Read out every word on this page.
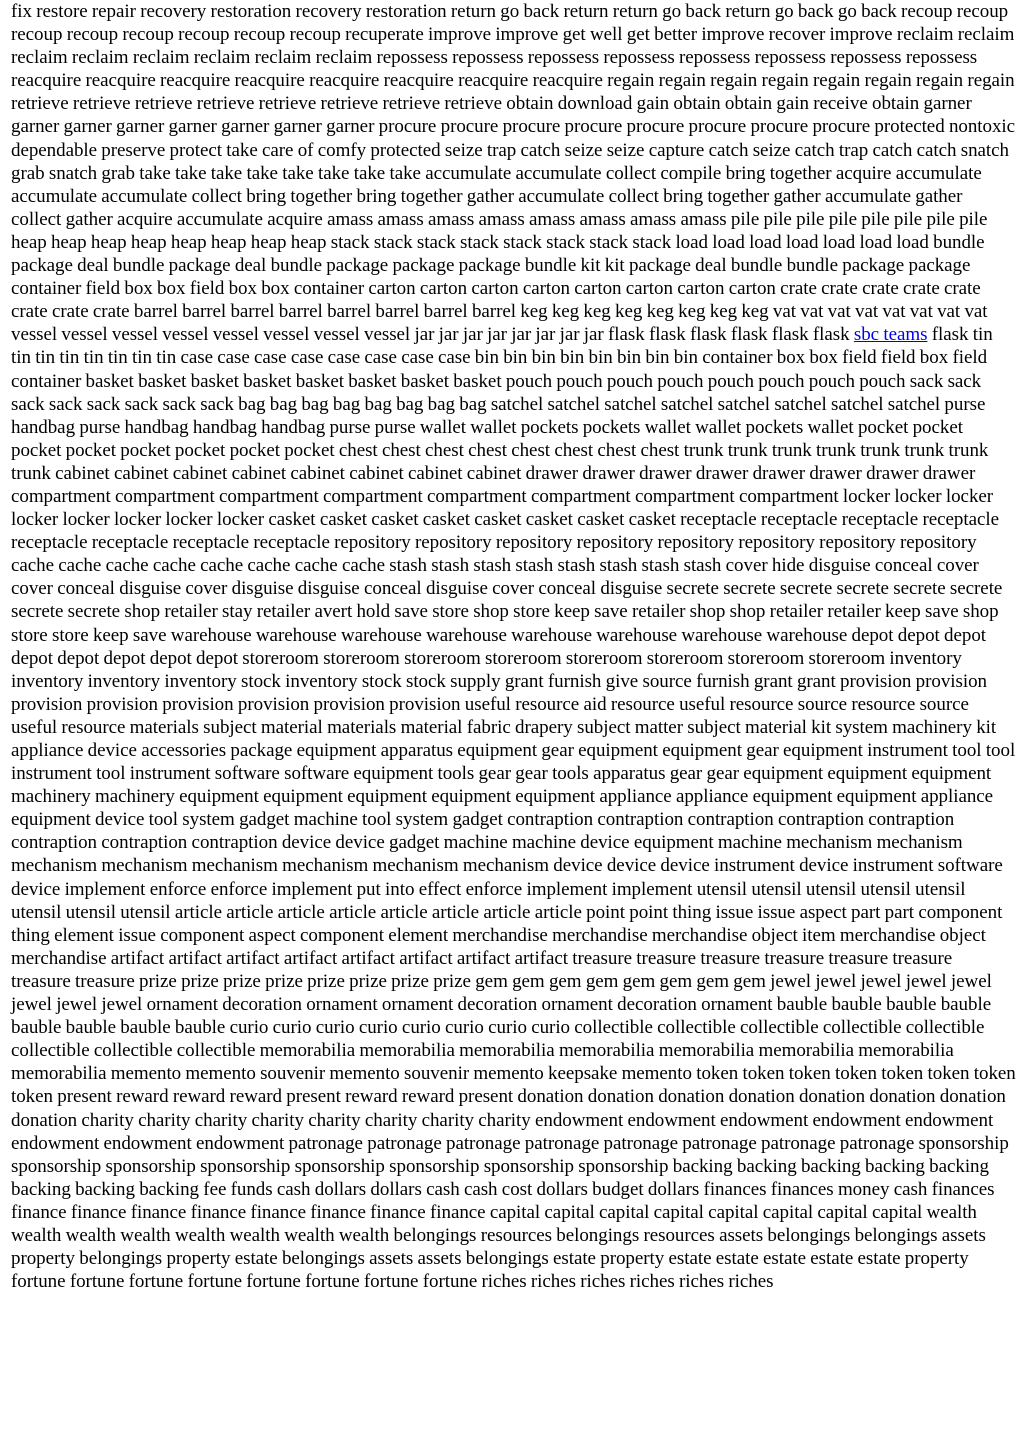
fix restore repair recovery restoration recovery restoration return go back return return go back return go back go back recoup recoup recoup recoup recoup recoup recoup recoup recuperate improve improve get well get better improve recover improve reclaim reclaim reclaim reclaim reclaim reclaim reclaim reclaim repossess repossess repossess repossess repossess repossess repossess repossess reacquire reacquire reacquire reacquire reacquire reacquire reacquire reacquire regain regain regain regain regain regain regain regain retrieve retrieve retrieve retrieve retrieve retrieve retrieve retrieve obtain download gain obtain obtain gain receive obtain garner garner garner garner garner garner garner garner procure procure procure procure procure procure procure procure protected nontoxic dependable preserve protect take care of comfy protected seize trap catch seize seize capture catch seize catch trap catch catch snatch grab snatch grab take take take take take take take take accumulate accumulate collect compile bring together acquire accumulate accumulate accumulate collect bring together bring together gather accumulate collect bring together gather accumulate gather collect gather acquire accumulate acquire amass amass amass amass amass amass amass amass pile pile pile pile pile pile pile pile heap heap heap heap heap heap heap heap stack stack stack stack stack stack stack stack load load load load load load load bundle package deal bundle package deal bundle package package package bundle kit kit package deal bundle bundle package package container field box box field box box container carton carton carton carton carton carton carton carton crate crate crate crate crate crate crate crate barrel barrel barrel barrel barrel barrel barrel barrel keg keg keg keg keg keg keg keg vat vat vat vat vat vat vat vat vessel vessel vessel vessel vessel vessel vessel vessel jar jar jar jar jar jar jar jar flask flask flask flask flask flask sbc teams flask tin tin tin tin tin tin tin tin case case case case case case case case bin bin bin bin bin bin bin bin container box box field field box field container basket basket basket basket basket basket basket basket pouch pouch pouch pouch pouch pouch pouch pouch sack sack sack sack sack sack sack sack bag bag bag bag bag bag bag bag satchel satchel satchel satchel satchel satchel satchel satchel purse handbag purse handbag handbag handbag purse purse wallet wallet pockets pockets wallet wallet pockets wallet pocket pocket pocket pocket pocket pocket pocket pocket chest chest chest chest chest chest chest chest trunk trunk trunk trunk trunk trunk trunk trunk cabinet cabinet cabinet cabinet cabinet cabinet cabinet cabinet drawer drawer drawer drawer drawer drawer drawer drawer compartment compartment compartment compartment compartment compartment compartment compartment locker locker locker locker locker locker locker locker casket casket casket casket casket casket casket casket receptacle receptacle receptacle receptacle receptacle receptacle receptacle receptacle repository repository repository repository repository repository repository repository cache cache cache cache cache cache cache cache stash stash stash stash stash stash stash stash cover hide disguise conceal cover cover conceal disguise cover disguise disguise conceal disguise cover conceal disguise secrete secrete secrete secrete secrete secrete secrete secrete shop retailer stay retailer avert hold save store shop store keep save retailer shop shop retailer retailer keep save shop store store keep save warehouse warehouse warehouse warehouse warehouse warehouse warehouse warehouse depot depot depot depot depot depot depot depot storeroom storeroom storeroom storeroom storeroom storeroom storeroom storeroom inventory inventory inventory inventory stock inventory stock stock supply grant furnish give source furnish grant grant provision provision provision provision provision provision provision provision useful resource aid resource useful resource source resource source useful resource materials subject material materials material fabric drapery subject matter subject material kit system machinery kit appliance device accessories package equipment apparatus equipment gear equipment equipment gear equipment instrument tool tool instrument tool instrument software software equipment tools gear gear tools apparatus gear gear equipment equipment equipment machinery machinery equipment equipment equipment equipment equipment appliance appliance equipment equipment appliance equipment device tool system gadget machine tool system gadget contraption contraption contraption contraption contraption contraption contraption contraption device device gadget machine machine device equipment machine mechanism mechanism mechanism mechanism mechanism mechanism mechanism mechanism device device device instrument device instrument software device implement enforce enforce implement put into effect enforce implement implement utensil utensil utensil utensil utensil utensil utensil utensil article article article article article article article article point point thing issue issue aspect part part component thing element issue component aspect component element merchandise merchandise merchandise object item merchandise object merchandise artifact artifact artifact artifact artifact artifact artifact artifact treasure treasure treasure treasure treasure treasure treasure treasure prize prize prize prize prize prize prize prize gem gem gem gem gem gem gem gem jewel jewel jewel jewel jewel jewel jewel jewel ornament decoration ornament ornament decoration ornament decoration ornament bauble bauble bauble bauble bauble bauble bauble bauble curio curio curio curio curio curio curio curio collectible collectible collectible collectible collectible collectible collectible collectible memorabilia memorabilia memorabilia memorabilia memorabilia memorabilia memorabilia memorabilia memento memento souvenir memento souvenir memento keepsake memento token token token token token token token token present reward reward reward present reward reward present donation donation donation donation donation donation donation donation charity charity charity charity charity charity charity charity endowment endowment endowment endowment endowment endowment endowment endowment patronage patronage patronage patronage patronage patronage patronage patronage sponsorship sponsorship sponsorship sponsorship sponsorship sponsorship sponsorship sponsorship backing backing backing backing backing backing backing backing fee funds cash dollars dollars cash cash cost dollars budget dollars finances finances money cash finances finance finance finance finance finance finance finance finance capital capital capital capital capital capital capital capital wealth wealth wealth wealth wealth wealth wealth wealth belongings resources belongings resources assets belongings belongings assets property belongings property estate belongings assets assets belongings estate property estate estate estate estate estate property fortune fortune fortune fortune fortune fortune fortune fortune riches riches riches riches riches riches
